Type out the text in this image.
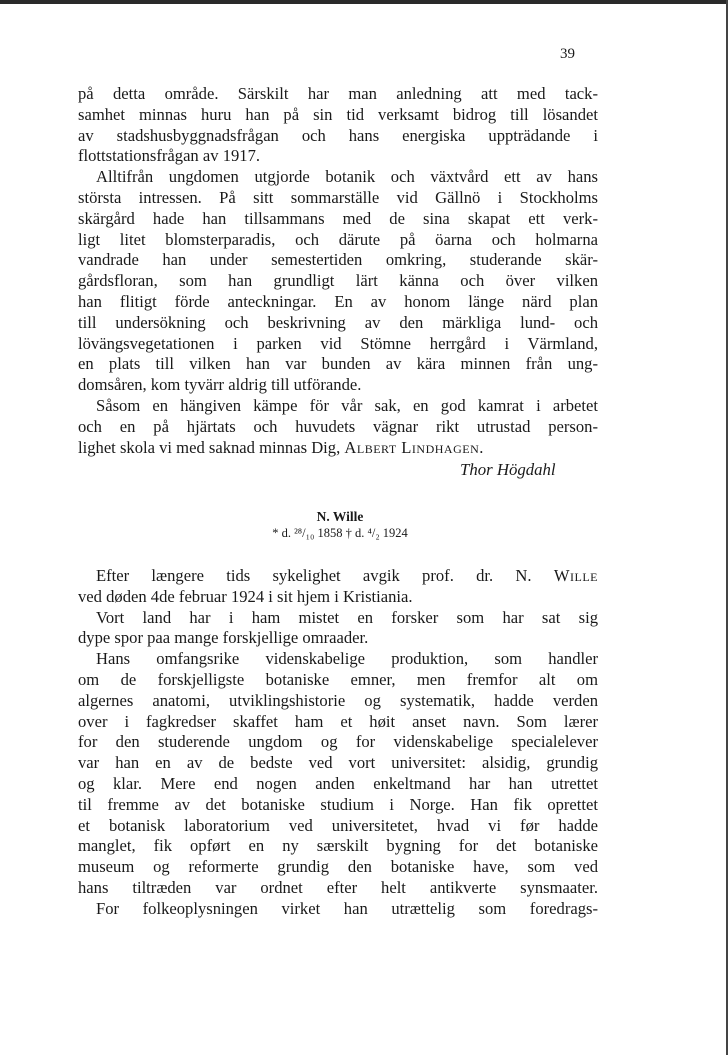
39
på detta område. Särskilt har man anledning att med tack-
samhet minnas huru han på sin tid verksamt bidrog till lösandet
av stadshusbyggnadsfrågan och hans energiska uppträdande i
flottstationsfrågan av 1917.
Alltifrån ungdomen utgjorde botanik och växtvård ett av hans
största intressen. På sitt sommarställe vid Gällnö i Stockholms
skärgård hade han tillsammans med de sina skapat ett verk-
ligt litet blomsterparadis, och därute på öarna och holmarna
vandrade han under semestertiden omkring, studerande skär-
gårdsfloran, som han grundligt lärt känna och över vilken
han flitigt förde anteckningar. En av honom länge närd plan
till undersökning och beskrivning av den märkliga lund- och
lövängsvegetationen i parken vid Stömne herrgård i Värmland,
en plats till vilken han var bunden av kära minnen från ung-
domsåren, kom tyvärr aldrig till utförande.
Såsom en hängiven kämpe för vår sak, en god kamrat i arbetet
och en på hjärtats och huvudets vägnar rikt utrustad person-
lighet skola vi med saknad minnas Dig, Albert Lindhagen.
Thor Högdahl
N. Wille
* d. ²⁸/₁₀ 1858 † d. ⁴/₂ 1924
Efter længere tids sykelighet avgik prof. dr. N. Wille
ved døden 4de februar 1924 i sit hjem i Kristiania.
Vort land har i ham mistet en forsker som har sat sig
dype spor paa mange forskjellige omraader.
Hans omfangsrike videnskabelige produktion, som handler
om de forskjelligste botaniske emner, men fremfor alt om
algernes anatomi, utviklingshistorie og systematik, hadde verden
over i fagkredser skaffet ham et høit anset navn. Som lærer
for den studerende ungdom og for videnskabelige specialelever
var han en av de bedste ved vort universitet: alsidig, grundig
og klar. Mere end nogen anden enkeltmand har han utrettet
til fremme av det botaniske studium i Norge. Han fik oprettet
et botanisk laboratorium ved universitetet, hvad vi før hadde
manglet, fik opført en ny særskilt bygning for det botaniske
museum og reformerte grundig den botaniske have, som ved
hans tiltræden var ordnet efter helt antikverte synsmaater.
For folkeoplysningen virket han utrættelig som foredrags-
